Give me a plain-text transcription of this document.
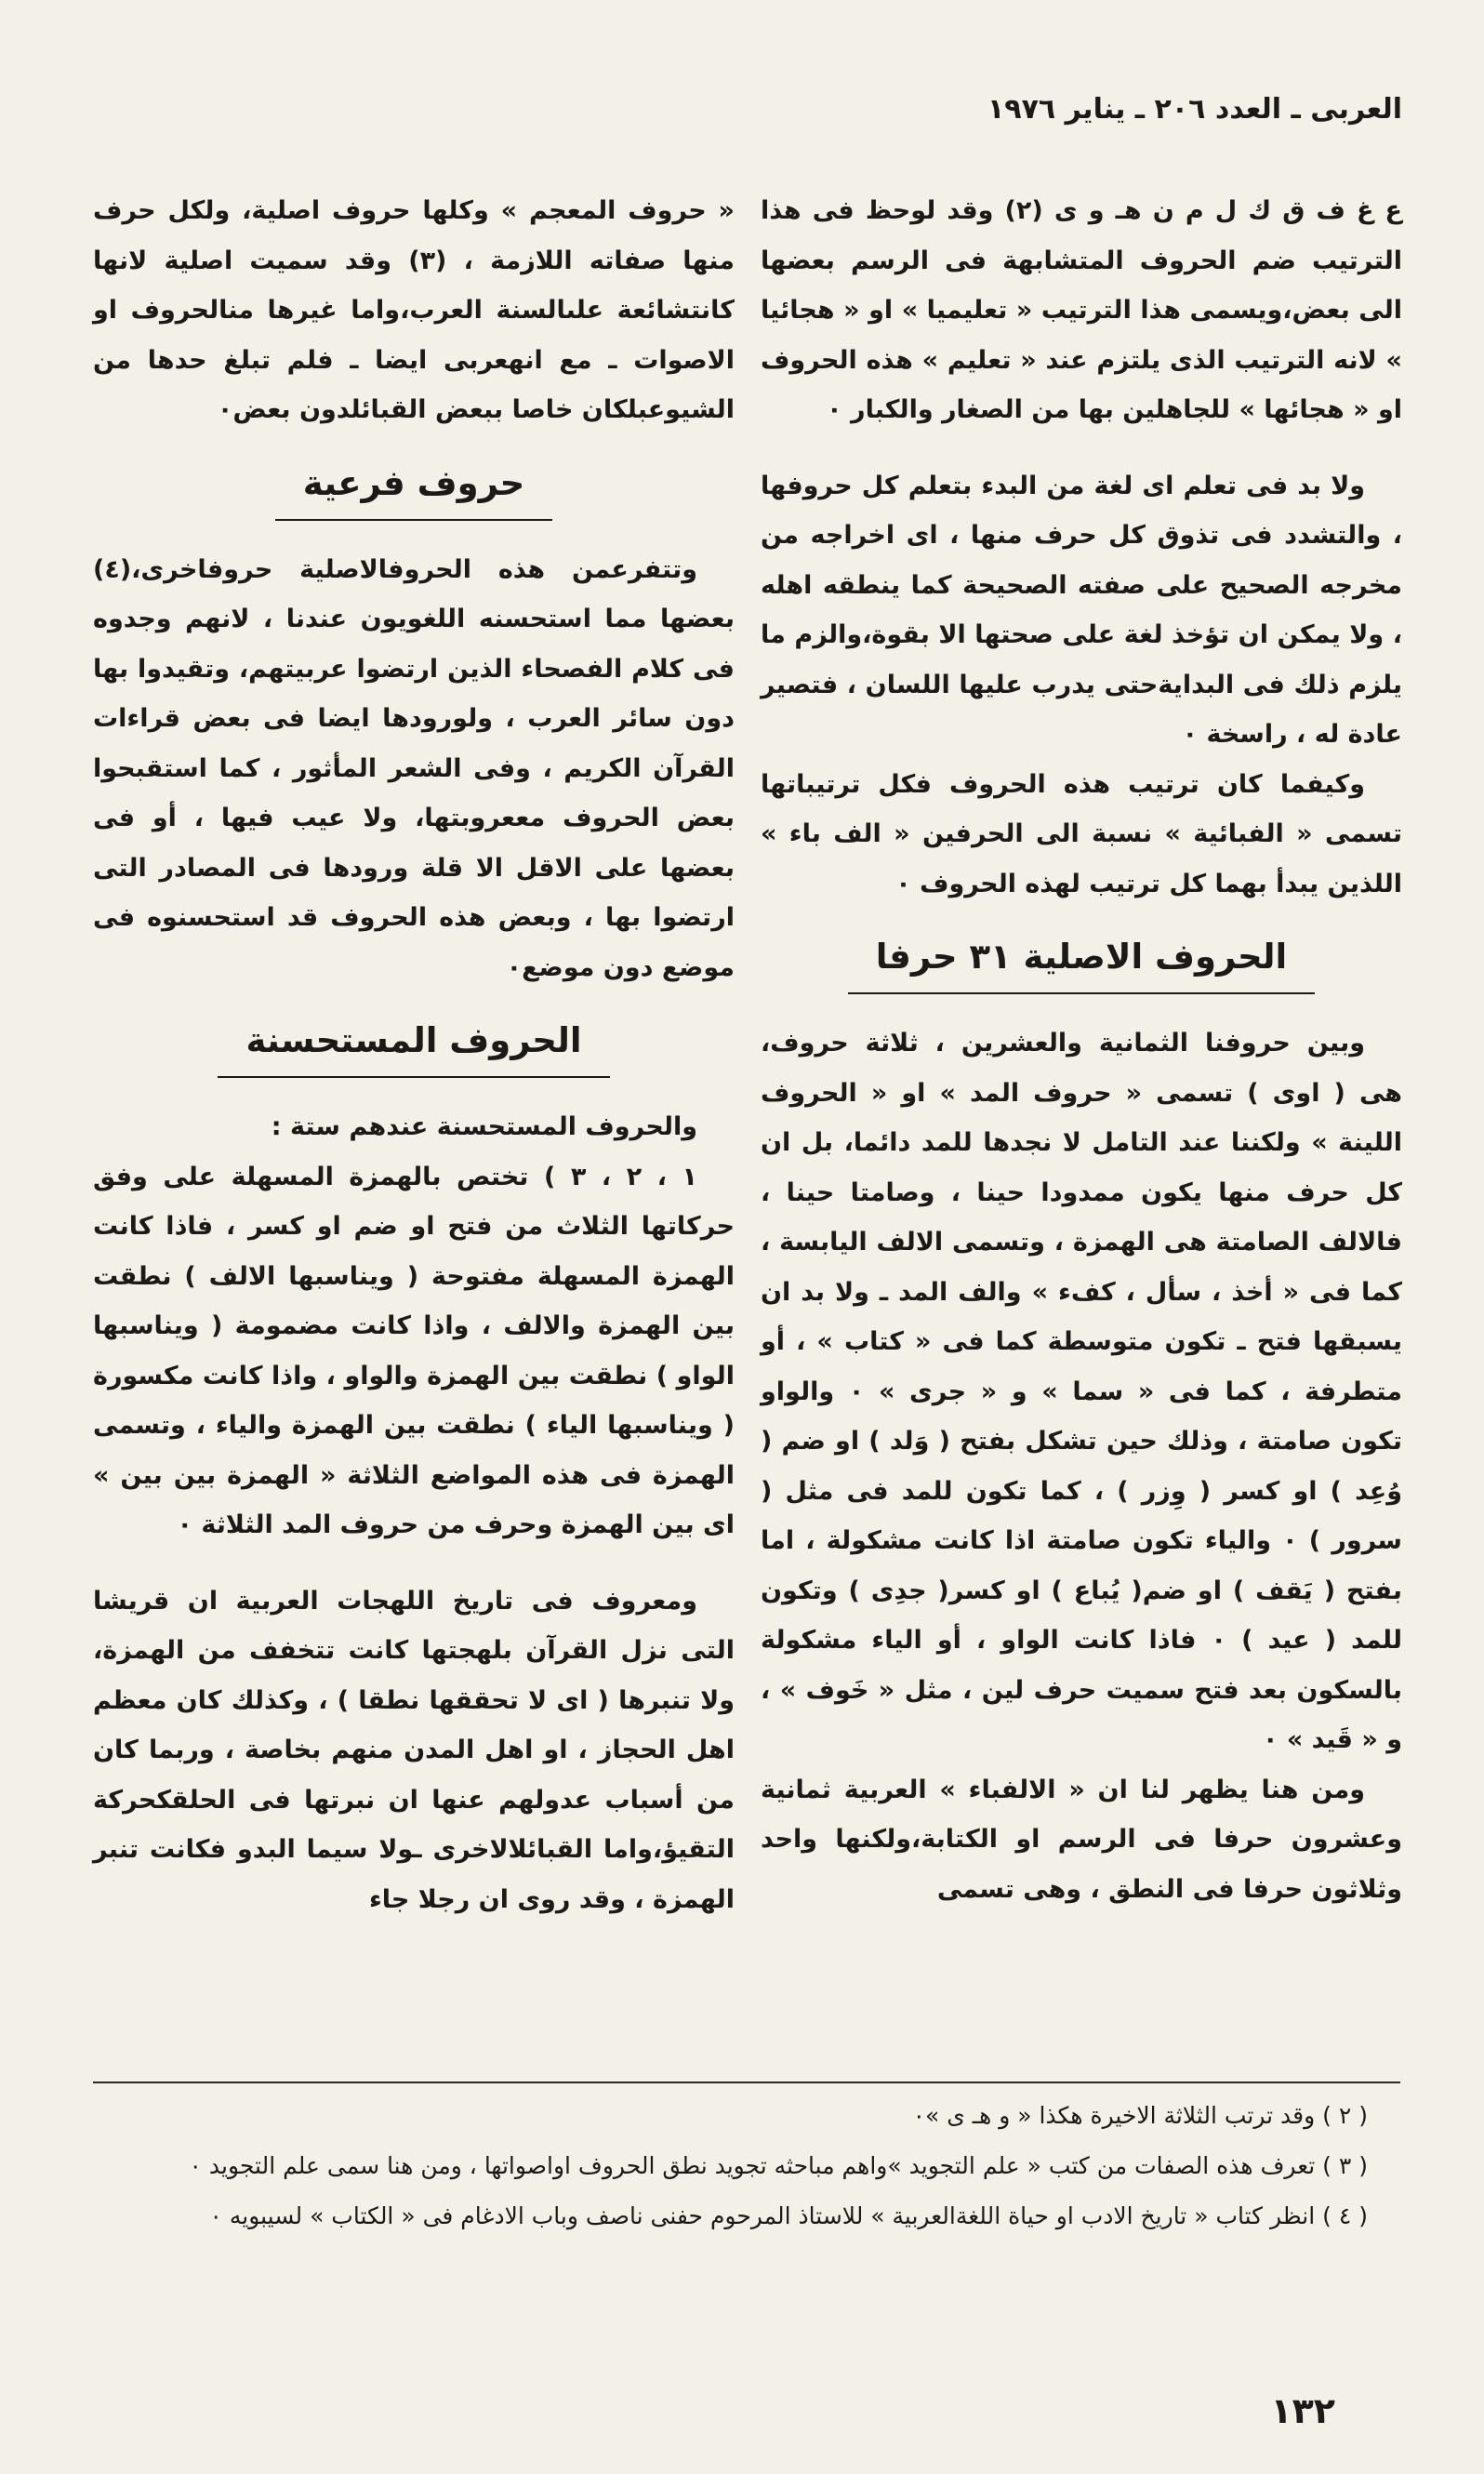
العربى ـ العدد ٢٠٦ ـ يناير ١٩٧٦

ع غ ف ق ك ل م ن هـ و ى (٢) وقد لوحظ فى هذا الترتيب ضم الحروف المتشابهة فى الرسم بعضها الى بعض،ويسمى هذا الترتيب « تعليميا » او « هجائيا » لانه الترتيب الذى يلتزم عند « تعليم » هذه الحروف او « هجائها » للجاهلين بها من الصغار والكبار ٠

ولا بد فى تعلم اى لغة من البدء بتعلم كل حروفها ، والتشدد فى تذوق كل حرف منها ، اى اخراجه من مخرجه الصحيح على صفته الصحيحة كما ينطقه اهله ، ولا يمكن ان تؤخذ لغة على صحتها الا بقوة،والزم ما يلزم ذلك فى البدايةحتى يدرب عليها اللسان ، فتصير عادة له ، راسخة ٠

وكيفما كان ترتيب هذه الحروف فكل ترتيباتها تسمى « الفبائية » نسبة الى الحرفين « الف باء » اللذين يبدأ بهما كل ترتيب لهذه الحروف ٠

الحروف الاصلية ٣١ حرفا

وبين حروفنا الثمانية والعشرين ، ثلاثة حروف، هى ( اوى ) تسمى « حروف المد » او « الحروف اللينة » ولكننا عند التامل لا نجدها للمد دائما، بل ان كل حرف منها يكون ممدودا حينا ، وصامتا حينا ، فالالف الصامتة هى الهمزة ، وتسمى الالف اليابسة ، كما فى « أخذ ، سأل ، كفء » والف المد ـ ولا بد ان يسبقها فتح ـ تكون متوسطة كما فى « كتاب » ، أو متطرفة ، كما فى « سما » و « جرى » ٠ والواو تكون صامتة ، وذلك حين تشكل بفتح ( وَلد ) او ضم ( وُعِد ) او كسر ( وِزر ) ، كما تكون للمد فى مثل ( سرور ) ٠ والياء تكون صامتة اذا كانت مشكولة ، اما بفتح ( يَقف ) او ضم( يُباع ) او كسر( جدِى ) وتكون للمد ( عيد ) ٠ فاذا كانت الواو ، أو الياء مشكولة بالسكون بعد فتح سميت حرف لين ، مثل « خَوف » ، و « قَيد » ٠

ومن هنا يظهر لنا ان « الالفباء » العربية ثمانية وعشرون حرفا فى الرسم او الكتابة،ولكنها واحد وثلاثون حرفا فى النطق ، وهى تسمى

« حروف المعجم » وكلها حروف اصلية، ولكل حرف منها صفاته اللازمة ، (٣) وقد سميت اصلية لانها كانتشائعة علىالسنة العرب،واما غيرها منالحروف او الاصوات ـ مع انهعربى ايضا ـ فلم تبلغ حدها من الشيوعبلكان خاصا ببعض القبائلدون بعض٠

حروف فرعية

وتتفرعمن هذه الحروفالاصلية حروفاخرى،(٤) بعضها مما استحسنه اللغويون عندنا ، لانهم وجدوه فى كلام الفصحاء الذين ارتضوا عربيتهم، وتقيدوا بها دون سائر العرب ، ولورودها ايضا فى بعض قراءات القرآن الكريم ، وفى الشعر المأثور ، كما استقبحوا بعض الحروف مععروبتها، ولا عيب فيها ، أو فى بعضها على الاقل الا قلة ورودها فى المصادر التى ارتضوا بها ، وبعض هذه الحروف قد استحسنوه فى موضع دون موضع٠

الحروف المستحسنة

والحروف المستحسنة عندهم ستة :

١ ، ٢ ، ٣ ) تختص بالهمزة المسهلة على وفق حركاتها الثلاث من فتح او ضم او كسر ، فاذا كانت الهمزة المسهلة مفتوحة ( ويناسبها الالف ) نطقت بين الهمزة والالف ، واذا كانت مضمومة ( ويناسبها الواو ) نطقت بين الهمزة والواو ، واذا كانت مكسورة ( ويناسبها الياء ) نطقت بين الهمزة والياء ، وتسمى الهمزة فى هذه المواضع الثلاثة « الهمزة بين بين » اى بين الهمزة وحرف من حروف المد الثلاثة ٠

ومعروف فى تاريخ اللهجات العربية ان قريشا التى نزل القرآن بلهجتها كانت تتخفف من الهمزة، ولا تنبرها ( اى لا تحققها نطقا ) ، وكذلك كان معظم اهل الحجاز ، او اهل المدن منهم بخاصة ، وربما كان من أسباب عدولهم عنها ان نبرتها فى الحلقكحركة التقيؤ،واما القبائلالاخرى ـولا سيما البدو فكانت تنبر الهمزة ، وقد روى ان رجلا جاء

( ٢ ) وقد ترتب الثلاثة الاخيرة هكذا « و هـ ى »٠

( ٣ ) تعرف هذه الصفات من كتب « علم التجويد »واهم مباحثه تجويد نطق الحروف اواصواتها ، ومن هنا سمى علم التجويد ٠

( ٤ ) انظر كتاب « تاريخ الادب او حياة اللغةالعربية » للاستاذ المرحوم حفنى ناصف وباب الادغام فى « الكتاب » لسيبويه ٠

١٣٢
